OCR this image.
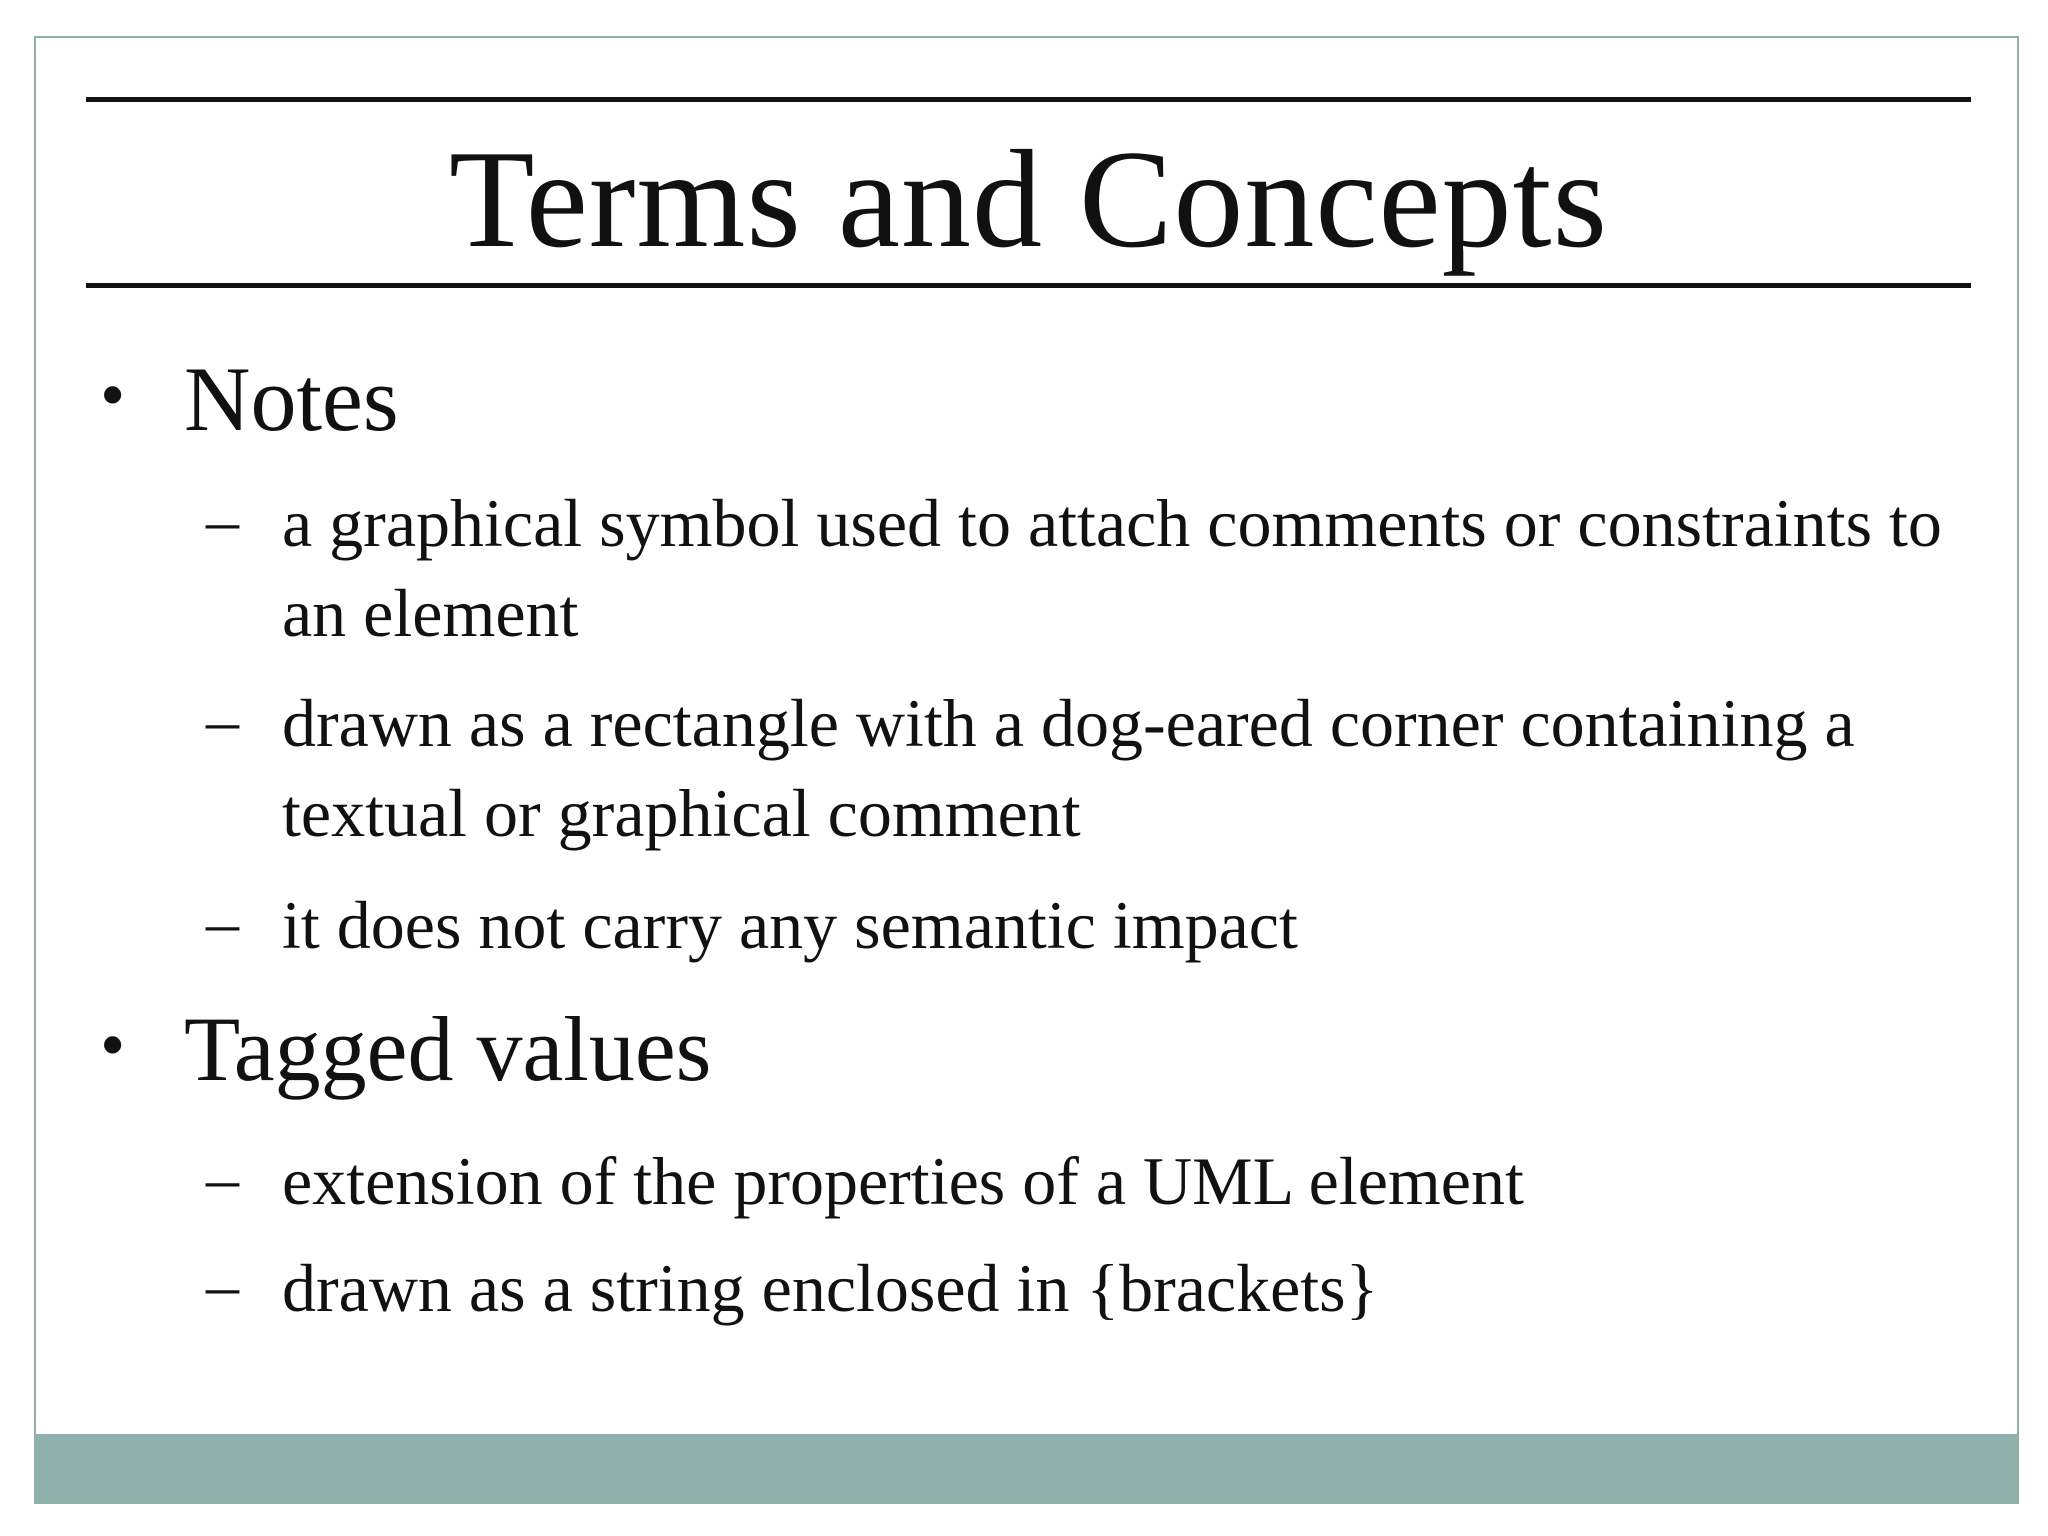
Terms and Concepts
• Notes
– a graphical symbol used to attach comments or constraints to an element
– drawn as a rectangle with a dog-eared corner containing a textual or graphical comment
– it does not carry any semantic impact
• Tagged values
– extension of the properties of a UML element
– drawn as a string enclosed in {brackets}
